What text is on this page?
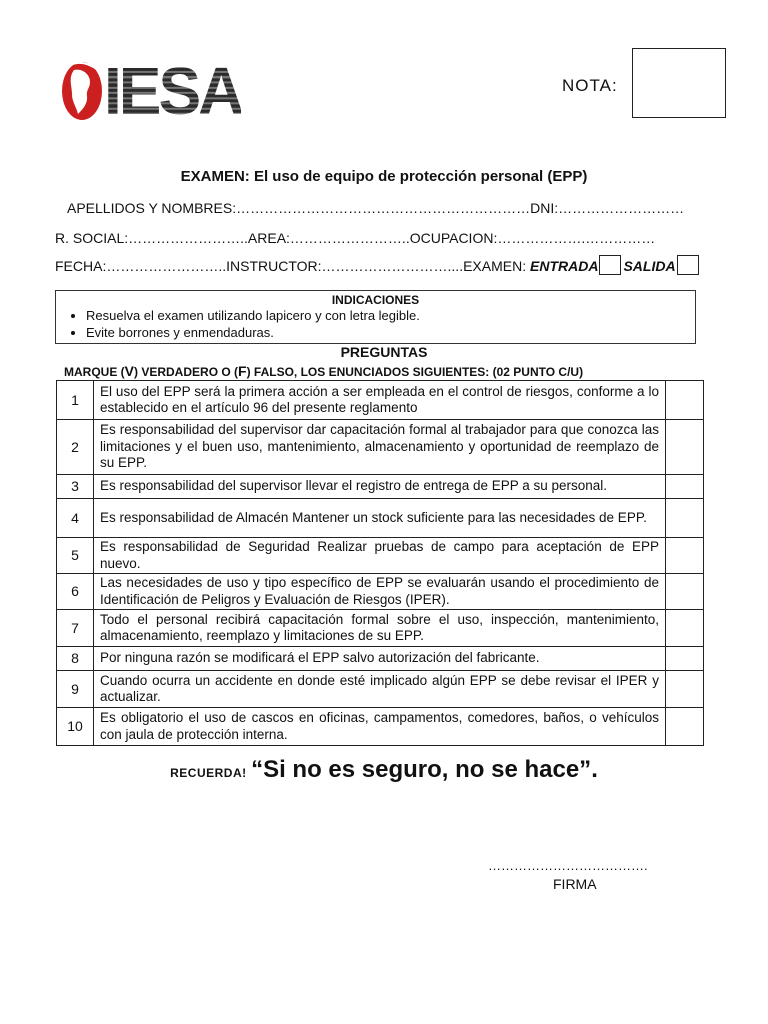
IESA	NOTA:
EXAMEN: El uso de equipo de protección personal (EPP)
APELLIDOS Y NOMBRES:………………………………………………………DNI:………………………
R. SOCIAL:……………………..AREA:……………………..OCUPACION:……………….……………
FECHA:……………………..INSTRUCTOR:………………………....EXAMEN: ENTRADA SALIDA
INDICACIONES
• Resuelva el examen utilizando lapicero y con letra legible.
• Evite borrones y enmendaduras.
PREGUNTAS
MARQUE (V) VERDADERO O (F) FALSO, LOS ENUNCIADOS SIGUIENTES: (02 PUNTO C/U)
1	El uso del EPP será la primera acción a ser empleada en el control de riesgos, conforme a lo establecido en el artículo 96 del presente reglamento	
2	Es responsabilidad del supervisor dar capacitación formal al trabajador para que conozca las limitaciones y el buen uso, mantenimiento, almacenamiento y oportunidad de reemplazo de su EPP.	
3	Es responsabilidad del supervisor llevar el registro de entrega de EPP a su personal.	
4	Es responsabilidad de Almacén Mantener un stock suficiente para las necesidades de EPP.	
5	Es responsabilidad de Seguridad Realizar pruebas de campo para aceptación de EPP nuevo.	
6	Las necesidades de uso y tipo específico de EPP se evaluarán usando el procedimiento de Identificación de Peligros y Evaluación de Riesgos (IPER).	
7	Todo el personal recibirá capacitación formal sobre el uso, inspección, mantenimiento, almacenamiento, reemplazo y limitaciones de su EPP.	
8	Por ninguna razón se modificará el EPP salvo autorización del fabricante.	
9	Cuando ocurra un accidente en donde esté implicado algún EPP se debe revisar el IPER y actualizar.	
10	Es obligatorio el uso de cascos en oficinas, campamentos, comedores, baños, o vehículos con jaula de protección interna.	
RECUERDA! “Si no es seguro, no se hace”.
……………………………….
FIRMA
